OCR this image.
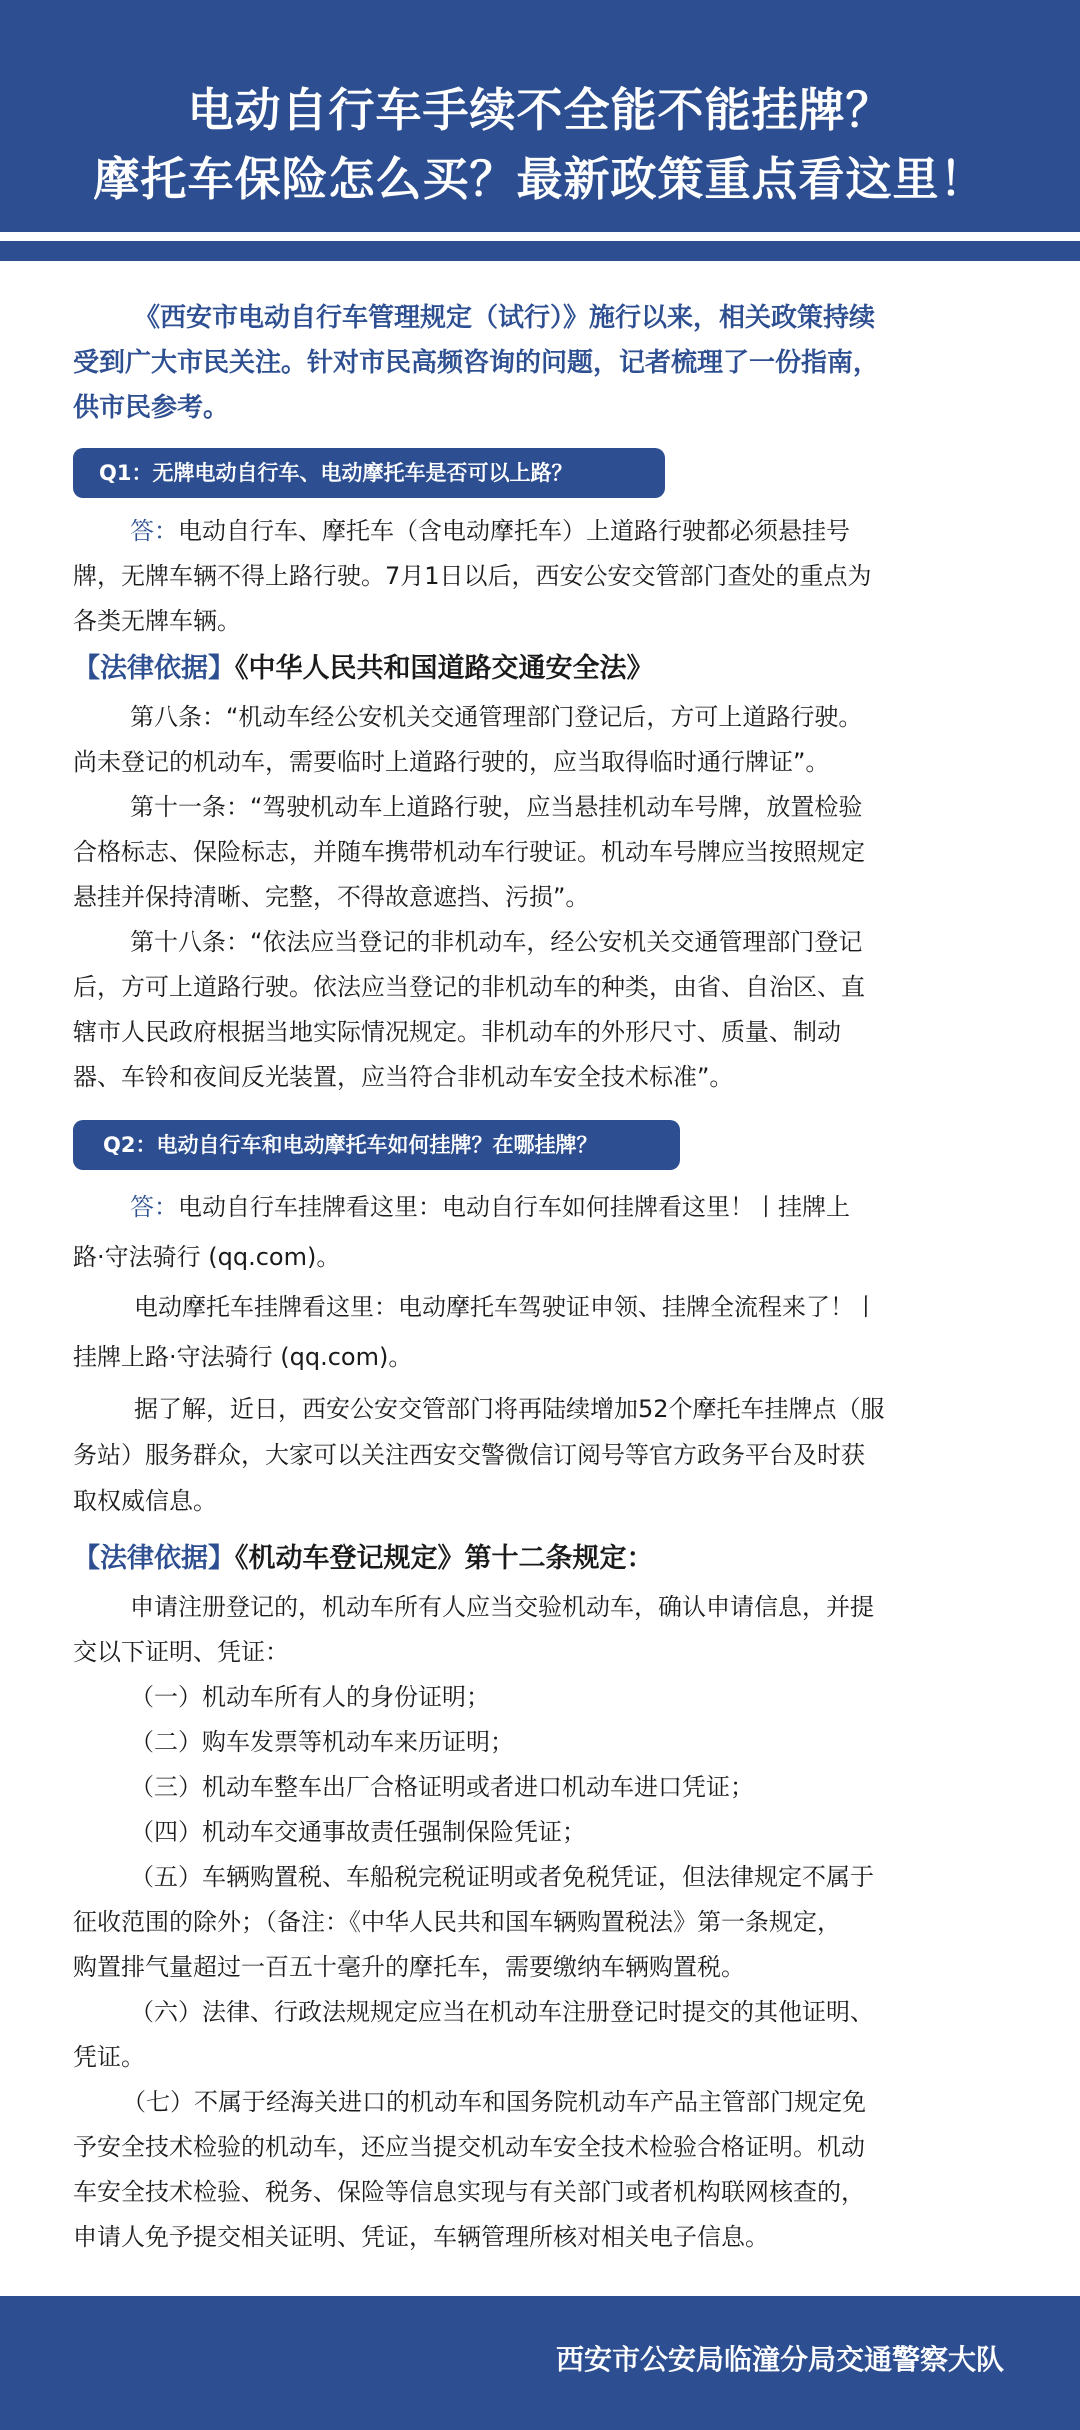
电动自行车手续不全能不能挂牌？
摩托车保险怎么买？最新政策重点看这里！
《西安市电动自行车管理规定（试行）》施行以来，相关政策持续
受到广大市民关注。针对市民高频咨询的问题，记者梳理了一份指南，
供市民参考。
Q1：无牌电动自行车、电动摩托车是否可以上路？
答：电动自行车、摩托车（含电动摩托车）上道路行驶都必须悬挂号
牌，无牌车辆不得上路行驶。7月1日以后，西安公安交管部门查处的重点为
各类无牌车辆。
【法律依据】《中华人民共和国道路交通安全法》
第八条：“机动车经公安机关交通管理部门登记后，方可上道路行驶。
尚未登记的机动车，需要临时上道路行驶的，应当取得临时通行牌证”。
第十一条：“驾驶机动车上道路行驶，应当悬挂机动车号牌，放置检验
合格标志、保险标志，并随车携带机动车行驶证。机动车号牌应当按照规定
悬挂并保持清晰、完整，不得故意遮挡、污损”。
第十八条：“依法应当登记的非机动车，经公安机关交通管理部门登记
后，方可上道路行驶。依法应当登记的非机动车的种类，由省、自治区、直
辖市人民政府根据当地实际情况规定。非机动车的外形尺寸、质量、制动
器、车铃和夜间反光装置，应当符合非机动车安全技术标准”。
Q2：电动自行车和电动摩托车如何挂牌？在哪挂牌？
答：电动自行车挂牌看这里：电动自行车如何挂牌看这里！丨挂牌上
路·守法骑行 (qq.com)。
电动摩托车挂牌看这里：电动摩托车驾驶证申领、挂牌全流程来了！丨
挂牌上路·守法骑行 (qq.com)。
据了解，近日，西安公安交管部门将再陆续增加52个摩托车挂牌点（服
务站）服务群众，大家可以关注西安交警微信订阅号等官方政务平台及时获
取权威信息。
【法律依据】《机动车登记规定》第十二条规定：
申请注册登记的，机动车所有人应当交验机动车，确认申请信息，并提
交以下证明、凭证：
（一）机动车所有人的身份证明；
（二）购车发票等机动车来历证明；
（三）机动车整车出厂合格证明或者进口机动车进口凭证；
（四）机动车交通事故责任强制保险凭证；
（五）车辆购置税、车船税完税证明或者免税凭证，但法律规定不属于
征收范围的除外；（备注：《中华人民共和国车辆购置税法》第一条规定，
购置排气量超过一百五十毫升的摩托车，需要缴纳车辆购置税。
（六）法律、行政法规规定应当在机动车注册登记时提交的其他证明、
凭证。
（七）不属于经海关进口的机动车和国务院机动车产品主管部门规定免
予安全技术检验的机动车，还应当提交机动车安全技术检验合格证明。机动
车安全技术检验、税务、保险等信息实现与有关部门或者机构联网核查的，
申请人免予提交相关证明、凭证，车辆管理所核对相关电子信息。
西安市公安局临潼分局交通警察大队
